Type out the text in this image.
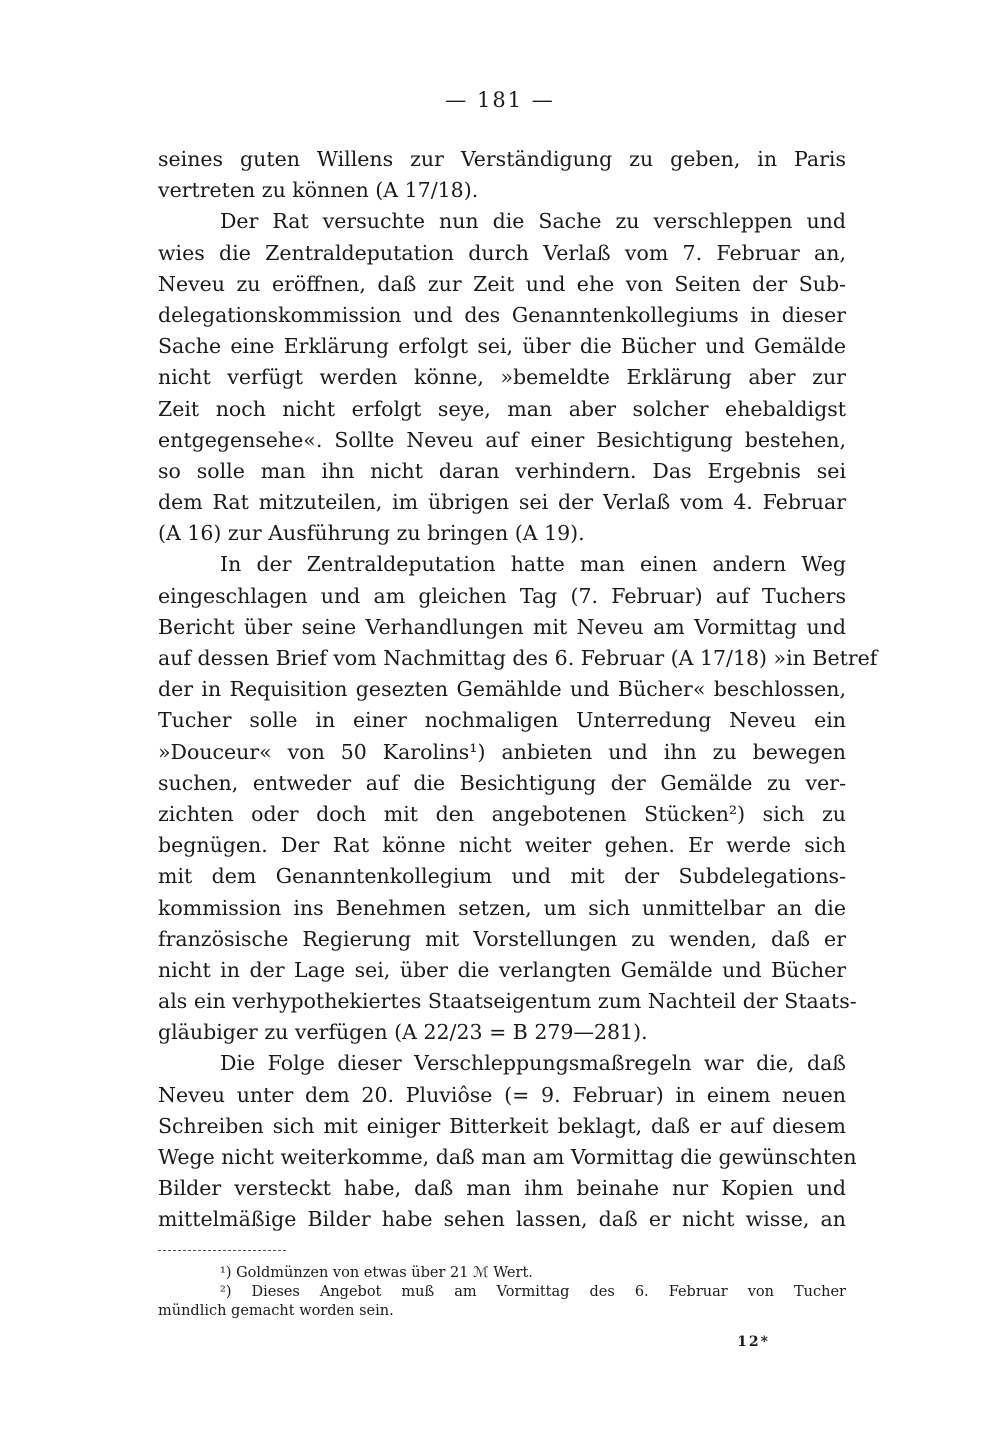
— 181 —
seines guten Willens zur Verständigung zu geben, in Paris
vertreten zu können (A 17/18).
Der Rat versuchte nun die Sache zu verschleppen und
wies die Zentraldeputation durch Verlaß vom 7. Februar an,
Neveu zu eröffnen, daß zur Zeit und ehe von Seiten der Sub-
delegationskommission und des Genanntenkollegiums in dieser
Sache eine Erklärung erfolgt sei, über die Bücher und Gemälde
nicht verfügt werden könne, »bemeldte Erklärung aber zur
Zeit noch nicht erfolgt seye, man aber solcher ehebaldigst
entgegensehe«. Sollte Neveu auf einer Besichtigung bestehen,
so solle man ihn nicht daran verhindern. Das Ergebnis sei
dem Rat mitzuteilen, im übrigen sei der Verlaß vom 4. Februar
(A 16) zur Ausführung zu bringen (A 19).
In der Zentraldeputation hatte man einen andern Weg
eingeschlagen und am gleichen Tag (7. Februar) auf Tuchers
Bericht über seine Verhandlungen mit Neveu am Vormittag und
auf dessen Brief vom Nachmittag des 6. Februar (A 17/18) »in Betref
der in Requisition gesezten Gemählde und Bücher« beschlossen,
Tucher solle in einer nochmaligen Unterredung Neveu ein
»Douceur« von 50 Karolins¹) anbieten und ihn zu bewegen
suchen, entweder auf die Besichtigung der Gemälde zu ver-
zichten oder doch mit den angebotenen Stücken²) sich zu
begnügen. Der Rat könne nicht weiter gehen. Er werde sich
mit dem Genanntenkollegium und mit der Subdelegations-
kommission ins Benehmen setzen, um sich unmittelbar an die
französische Regierung mit Vorstellungen zu wenden, daß er
nicht in der Lage sei, über die verlangten Gemälde und Bücher
als ein verhypothekiertes Staatseigentum zum Nachteil der Staats-
gläubiger zu verfügen (A 22/23 = B 279—281).
Die Folge dieser Verschleppungsmaßregeln war die, daß
Neveu unter dem 20. Pluviôse (= 9. Februar) in einem neuen
Schreiben sich mit einiger Bitterkeit beklagt, daß er auf diesem
Wege nicht weiterkomme, daß man am Vormittag die gewünschten
Bilder versteckt habe, daß man ihm beinahe nur Kopien und
mittelmäßige Bilder habe sehen lassen, daß er nicht wisse, an
¹) Goldmünzen von etwas über 21 ℳ Wert.
²) Dieses Angebot muß am Vormittag des 6. Februar von Tucher
mündlich gemacht worden sein.
12*
